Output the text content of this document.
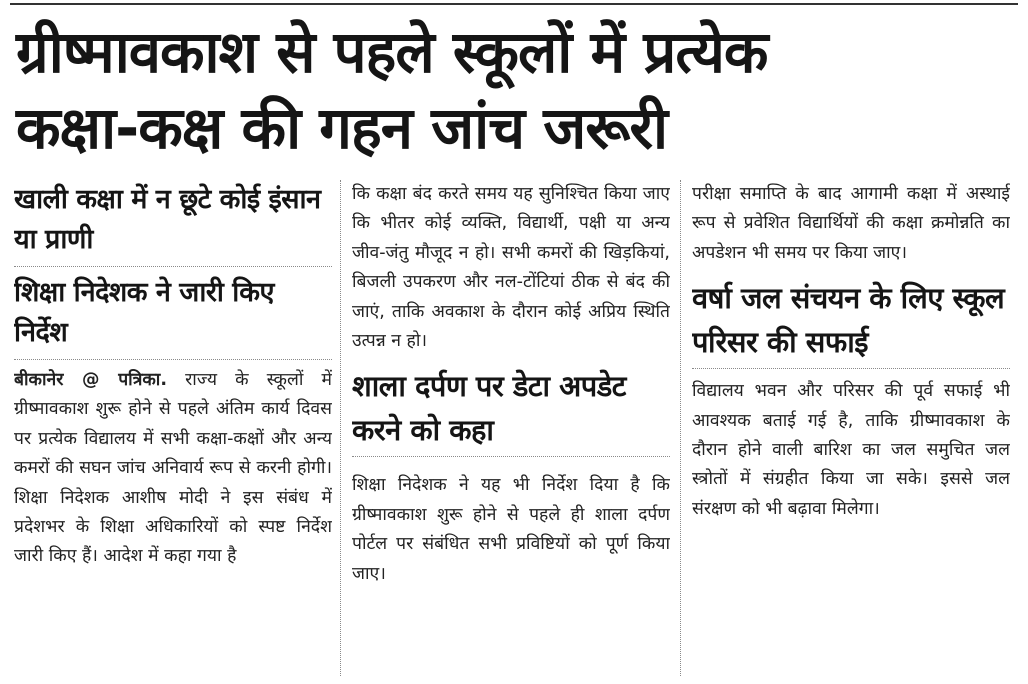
ग्रीष्मावकाश से पहले स्कूलों में प्रत्येक
कक्षा-कक्ष की गहन जांच जरूरी
खाली कक्षा में न छूटे कोई इंसान या प्राणी
शिक्षा निदेशक ने जारी किए निर्देश

बीकानेर @ पत्रिका. राज्य के स्कूलों में ग्रीष्मावकाश शुरू होने से पहले अंतिम कार्य दिवस पर प्रत्येक विद्यालय में सभी कक्षा-कक्षों और अन्य कमरों की सघन जांच अनिवार्य रूप से करनी होगी। शिक्षा निदेशक आशीष मोदी ने इस संबंध में प्रदेशभर के शिक्षा अधिकारियों को स्पष्ट निर्देश जारी किए हैं। आदेश में कहा गया है

कि कक्षा बंद करते समय यह सुनिश्चित किया जाए कि भीतर कोई व्यक्ति, विद्यार्थी, पक्षी या अन्य जीव-जंतु मौजूद न हो। सभी कमरों की खिड़कियां, बिजली उपकरण और नल-टोंटियां ठीक से बंद की जाएं, ताकि अवकाश के दौरान कोई अप्रिय स्थिति उत्पन्न न हो।

शाला दर्पण पर डेटा अपडेट करने को कहा

शिक्षा निदेशक ने यह भी निर्देश दिया है कि ग्रीष्मावकाश शुरू होने से पहले ही शाला दर्पण पोर्टल पर संबंधित सभी प्रविष्टियों को पूर्ण किया जाए।

परीक्षा समाप्ति के बाद आगामी कक्षा में अस्थाई रूप से प्रवेशित विद्यार्थियों की कक्षा क्रमोन्नति का अपडेशन भी समय पर किया जाए।

वर्षा जल संचयन के लिए स्कूल परिसर की सफाई

विद्यालय भवन और परिसर की पूर्व सफाई भी आवश्यक बताई गई है, ताकि ग्रीष्मावकाश के दौरान होने वाली बारिश का जल समुचित जल स्त्रोतों में संग्रहीत किया जा सके। इससे जल संरक्षण को भी बढ़ावा मिलेगा।
